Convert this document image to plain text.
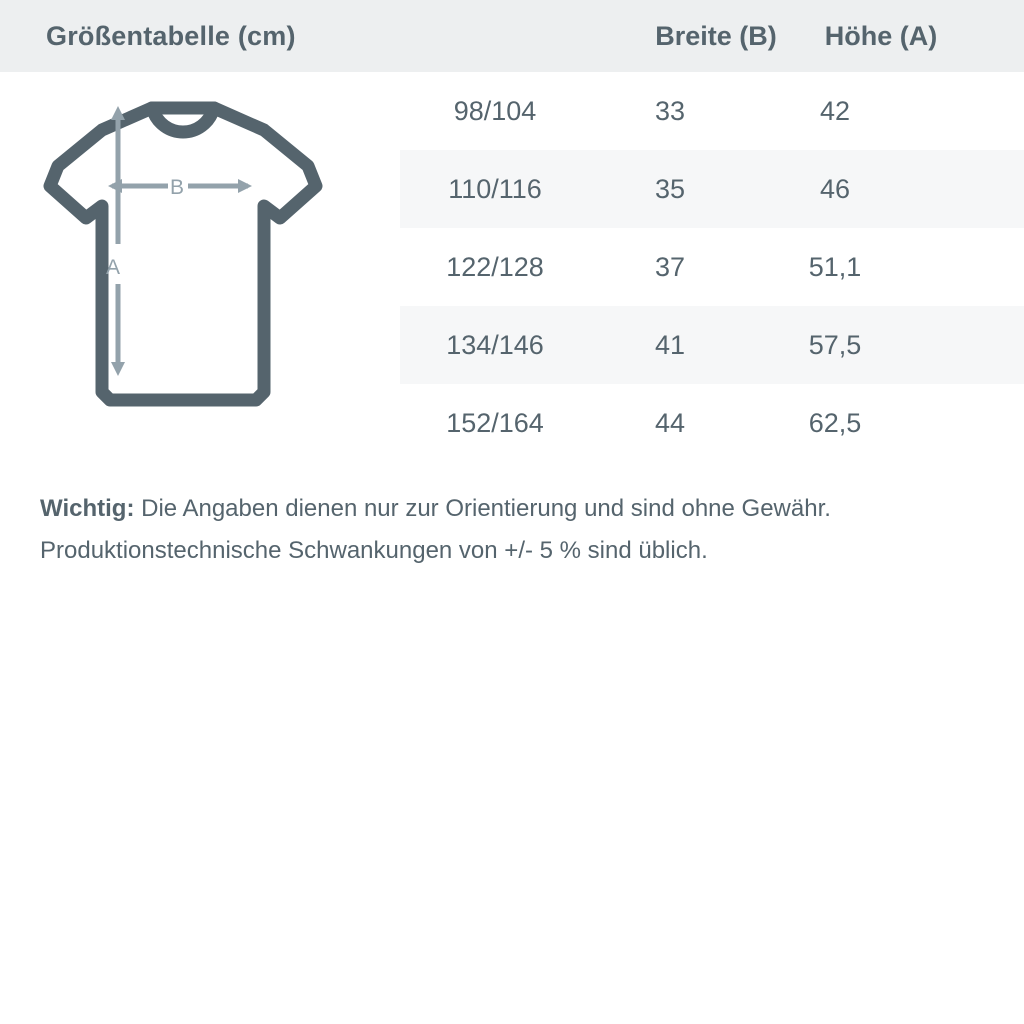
Größentabelle (cm)	Breite (B)	Höhe (A)
B
A
98/104	33	42
110/116	35	46
122/128	37	51,1
134/146	41	57,5
152/164	44	62,5
Wichtig: Die Angaben dienen nur zur Orientierung und sind ohne Gewähr.
Produktionstechnische Schwankungen von +/- 5 % sind üblich.
